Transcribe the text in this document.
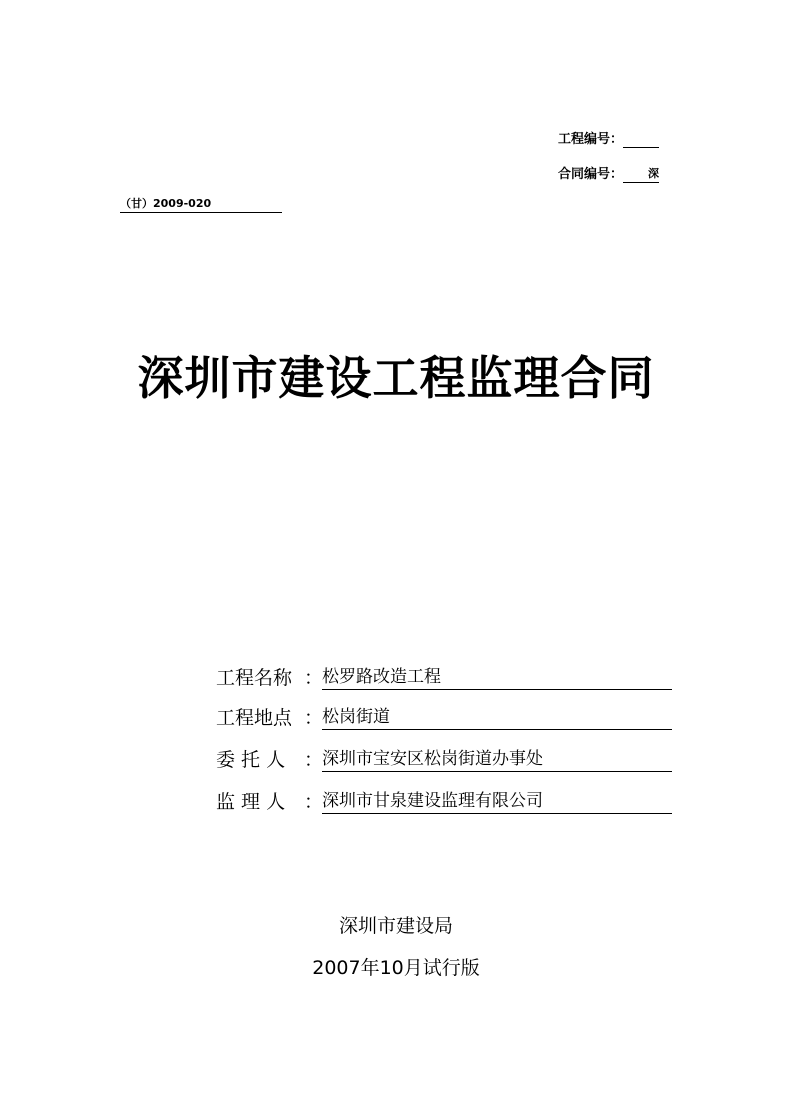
工程编号：
合同编号： 深
（甘）2009-020
深圳市建设工程监理合同
工程名称 ：
松罗路改造工程
工程地点 ：
松岗街道
委 托 人 ：
深圳市宝安区松岗街道办事处
监 理 人 ：
深圳市甘泉建设监理有限公司
深圳市建设局
2007年10月试行版
